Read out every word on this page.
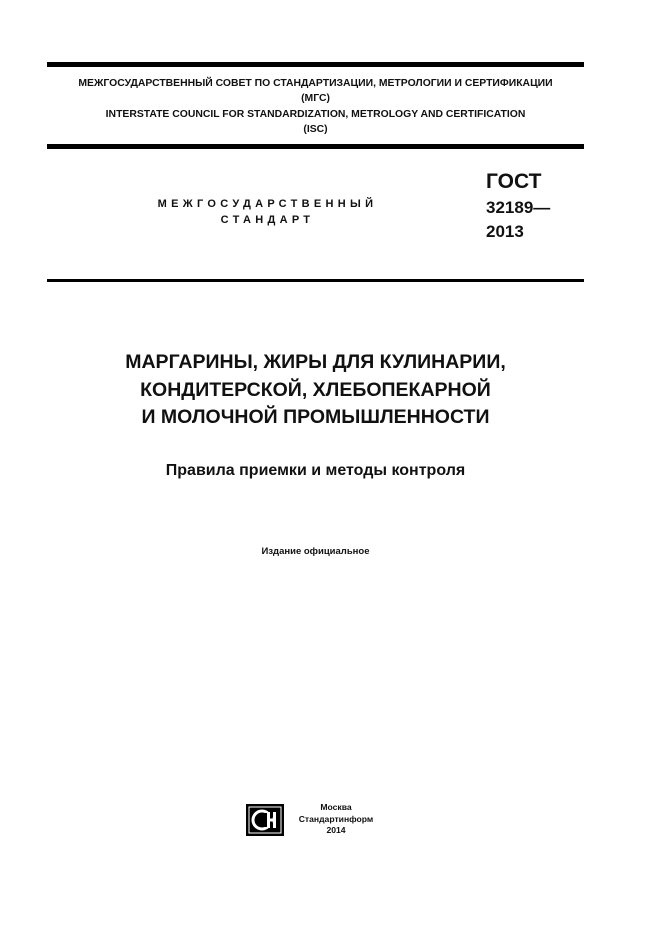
МЕЖГОСУДАРСТВЕННЫЙ СОВЕТ ПО СТАНДАРТИЗАЦИИ, МЕТРОЛОГИИ И СЕРТИФИКАЦИИ
(МГС)
INTERSTATE COUNCIL FOR STANDARDIZATION, METROLOGY AND CERTIFICATION
(ISC)
МЕЖГОСУДАРСТВЕННЫЙ
СТАНДАРТ
ГОСТ
32189—
2013
МАРГАРИНЫ, ЖИРЫ ДЛЯ КУЛИНАРИИ,
КОНДИТЕРСКОЙ, ХЛЕБОПЕКАРНОЙ
И МОЛОЧНОЙ ПРОМЫШЛЕННОСТИ
Правила приемки и методы контроля
Издание официальное
Москва
Стандартинформ
2014
